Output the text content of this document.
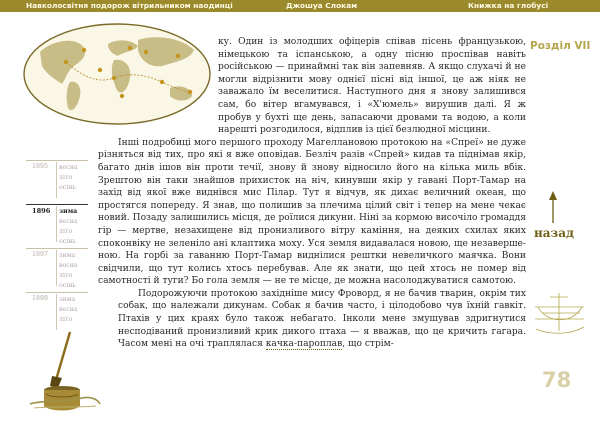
Навколосвітня подорож вітрильником наодинці	Джошуа Слокам	Книжка на глобусі
Розділ VII
назад
78
1895 весна
літо
осінь
1896 зима
весна
літо
осінь
1897 зима
весна
літо
осінь
1898 зима
весна
літо

ку. Один із молодших офіцерів співав пісень французькою, німецькою та іспанською, а одну пісню проспівав навіть російською — принаймні так він запевняв. А якщо слухачі й не могли відрізнити мову однієї пісні від іншої, це аж ніяк не заважало їм веселитися. Наступного дня я знову залишився сам, бо вітер вгамувався, і «Х'юмель» вирушив далі. Я ж пробув у бухті ще день, запасаючи дровами та водою, а коли нарешті розгодилося, відплив із цієї безлюдної місцини.

Інші подробиці мого першого проходу Магеллановою протокою на «Спреї» не дуже різняться від тих, про які я вже оповідав. Безліч разів «Спрей» кидав та піднімав якір, багато днів ішов він проти течії, знову й знову відносило його на кілька миль вбік. Зрештою він таки знайшов прихисток на ніч, кинувши якір у гавані Порт-Тамар на захід від якої вже виднівся мис Пілар. Тут я відчув, як дихає величний океан, що простягся попереду. Я знав, що полишив за плечима цілий світ і тепер на мене чекає новий. Позаду залишились місця, де роїлися дикуни. Ніні за кормою височіло громаддя гір — мертве, незахищене від пронизливого вітру каміння, на деяких схилах яких споконвіку не зеленіло ані клаптика моху. Уся земля видавалася новою, ще незавершеною. На горбі за гаванню Порт-Тамар виднілися рештки невеличкого маячка. Вони свідчили, що тут колись хтось перебував. Але як знати, що цей хтось не помер від самотності й туги? Бо гола земля — не те місце, де можна насолоджуватися самотою.

Подорожуючи протокою західніше мису Фроворд, я не бачив тварин, окрім тих собак, що належали дикунам. Собак я бачив часто, і цілодобово чув їхній гавкіт. Птахів у цих краях було також небагато. Інколи мене змушував здригнутися несподіваний пронизливий крик дикого птаха — я вважав, що це кричить гагара. Часом мені на очі траплялася качка-пароплав, що стрім-
